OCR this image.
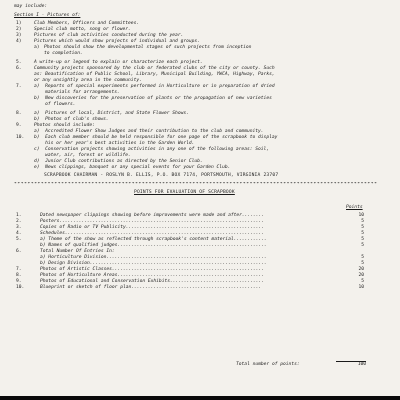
may include:
Section I - Pictures of:
1)	Club Members, Officers and Committees.
2)	Special club motto, song or flower.
3)	Pictures of club activities conducted during the year.
4)	Pictures which would show projects of individual and groups.
a) Photos should show the developmental stages of such projects from inception
to completion.
5.	A write-up or legend to explain or characterize each project.
6.	Community projects sponsored by the club or federated clubs of the city or county. Such
as: Beautification of Public School, Library, Municipal Building, YWCA, Highway, Parks,
or any unsightly area in the community.
7.	a)  Reports of special experiments performed in Horticulture or in preparation of dried
materials for arrangements.
b)  New discoveries for the preservation of plants or the propagation of new varieties
of flowers.
8.	a)  Pictures of local, District, and State Flower Shows.
b)  Photos of club's shows.
9.	Photos should include:
a)  Accredited Flower Show Judges and their contribution to the club and community.
10. b)  Each club member should be held responsible for one page of the scrapbook to display
his or her year's best activities in the Garden World.
c)  Conservation projects showing activities in any one of the following areas: Soil,
water, air, forest or wildlife.
d)  Junior Club contributions as directed by the Senior Club.
e)  News clippings, banquet or any special events for your Garden Club.
SCRAPBOOK CHAIRMAN - ROSLYN B. ELLIS, P.O. BOX 7174, PORTSMOUTH, VIRGINIA 23707
************************************************************************************************************
POINTS FOR EVALUATION OF SCRAPBOOK
Points
1.	Dated newspaper clippings showing before improvements were made and after........	10
2.	Posters..........................................................................	5
3.	Copies of Radio or TV Publicity..................................................	5
4.	Schedules........................................................................	5
5.	a) Theme of the show as reflected through scrapbook's content material............	5
b) Names of qualified judges......................................................	5
6.	Total Number Of Entries In:
a) Horticulture Division..........................................................	5
b) Design Division................................................................	5
7.	Photos of Artistic Classes.......................................................	20
8.	Photos of Horticulture Areas.....................................................	20
9.	Photos of Educational and Conservation Exhibits..................................	5
10.	Blueprint or sketch of floor plan...............................................	10
Total number of points:	100
